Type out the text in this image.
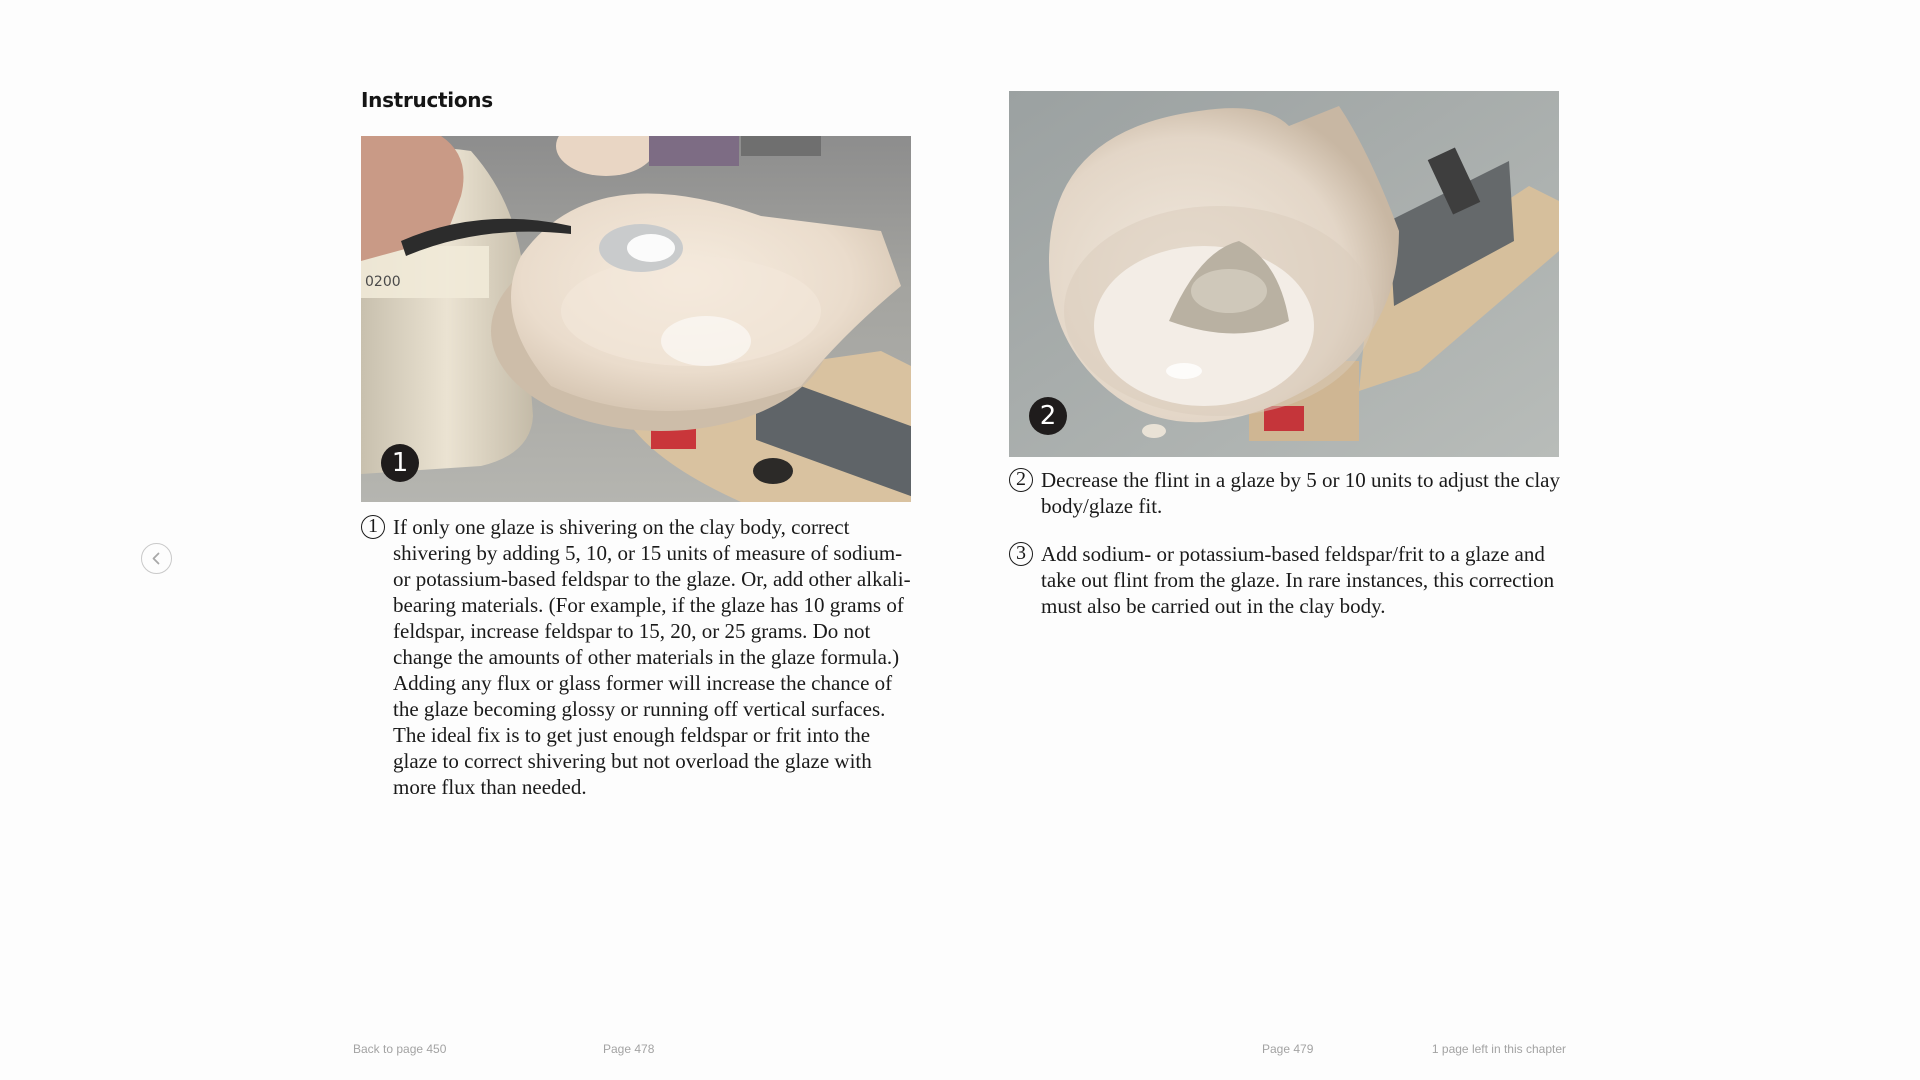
Instructions
0200
1
2
1 If only one glaze is shivering on the clay body, correct shivering by adding 5, 10, or 15 units of measure of sodium- or potassium-based feldspar to the glaze. Or, add other alkali-bearing materials. (For example, if the glaze has 10 grams of feldspar, increase feldspar to 15, 20, or 25 grams. Do not change the amounts of other materials in the glaze formula.) Adding any flux or glass former will increase the chance of the glaze becoming glossy or running off vertical surfaces. The ideal fix is to get just enough feldspar or frit into the glaze to correct shivering but not overload the glaze with more flux than needed.
2 Decrease the flint in a glaze by 5 or 10 units to adjust the clay body/glaze fit.
3 Add sodium- or potassium-based feldspar/frit to a glaze and take out flint from the glaze. In rare instances, this correction must also be carried out in the clay body.
Back to page 450	Page 478	Page 479	1 page left in this chapter
